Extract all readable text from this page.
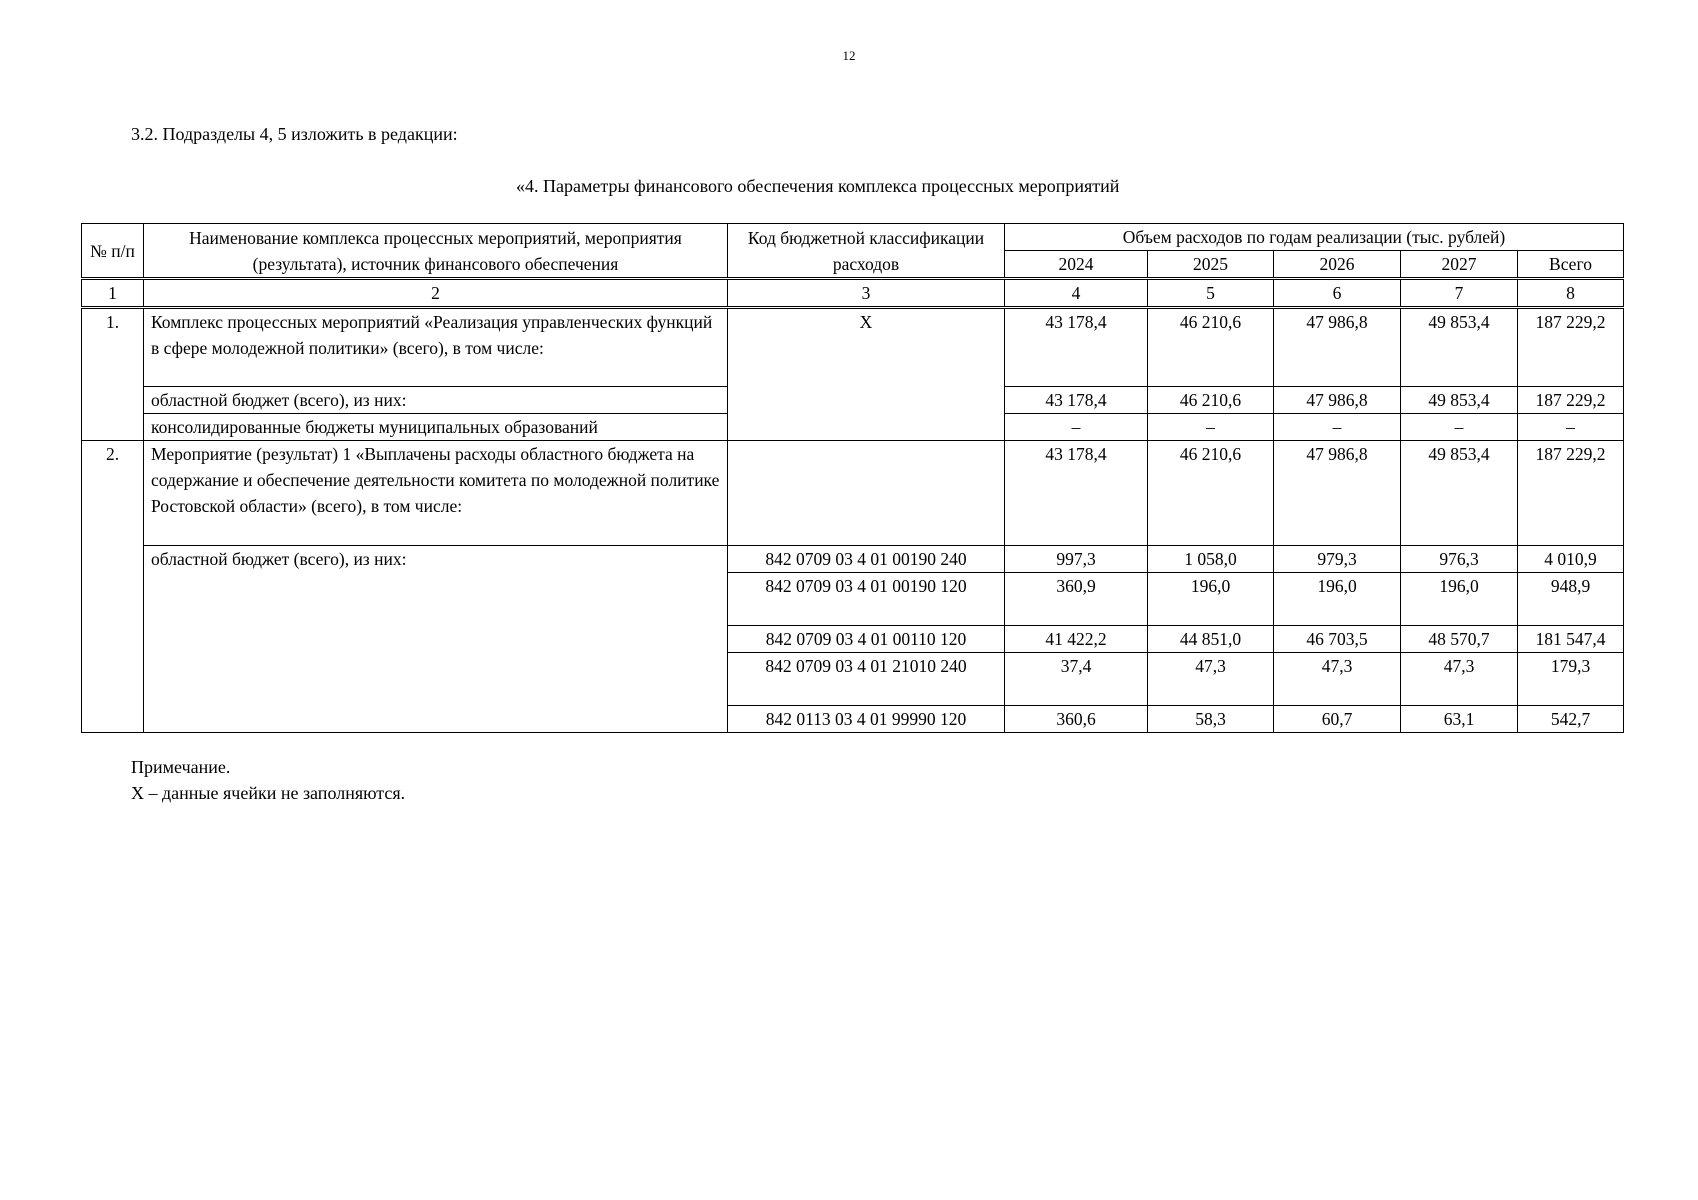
12
3.2. Подразделы 4, 5 изложить в редакции:
«4. Параметры финансового обеспечения комплекса процессных мероприятий
№ п/п	Наименование комплекса процессных мероприятий, мероприятия (результата), источник финансового обеспечения	Код бюджетной классификации расходов	Объем расходов по годам реализации (тыс. рублей)				
			2024	2025	2026	2027	Всего
1	2	3	4	5	6	7	8
1.	Комплекс процессных мероприятий «Реализация управленческих функций в сфере молодежной политики» (всего), в том числе:	X	43 178,4	46 210,6	47 986,8	49 853,4	187 229,2
	областной бюджет (всего), из них:		43 178,4	46 210,6	47 986,8	49 853,4	187 229,2
	консолидированные бюджеты муниципальных образований		–	–	–	–	–
2.	Мероприятие (результат) 1 «Выплачены расходы областного бюджета на содержание и обеспечение деятельности комитета по молодежной политике Ростовской области» (всего), в том числе:		43 178,4	46 210,6	47 986,8	49 853,4	187 229,2
	областной бюджет (всего), из них:	842 0709 03 4 01 00190 240	997,3	1 058,0	979,3	976,3	4 010,9
		842 0709 03 4 01 00190 120	360,9	196,0	196,0	196,0	948,9
		842 0709 03 4 01 00110 120	41 422,2	44 851,0	46 703,5	48 570,7	181 547,4
		842 0709 03 4 01 21010 240	37,4	47,3	47,3	47,3	179,3
		842 0113 03 4 01 99990 120	360,6	58,3	60,7	63,1	542,7
Примечание.
X – данные ячейки не заполняются.
